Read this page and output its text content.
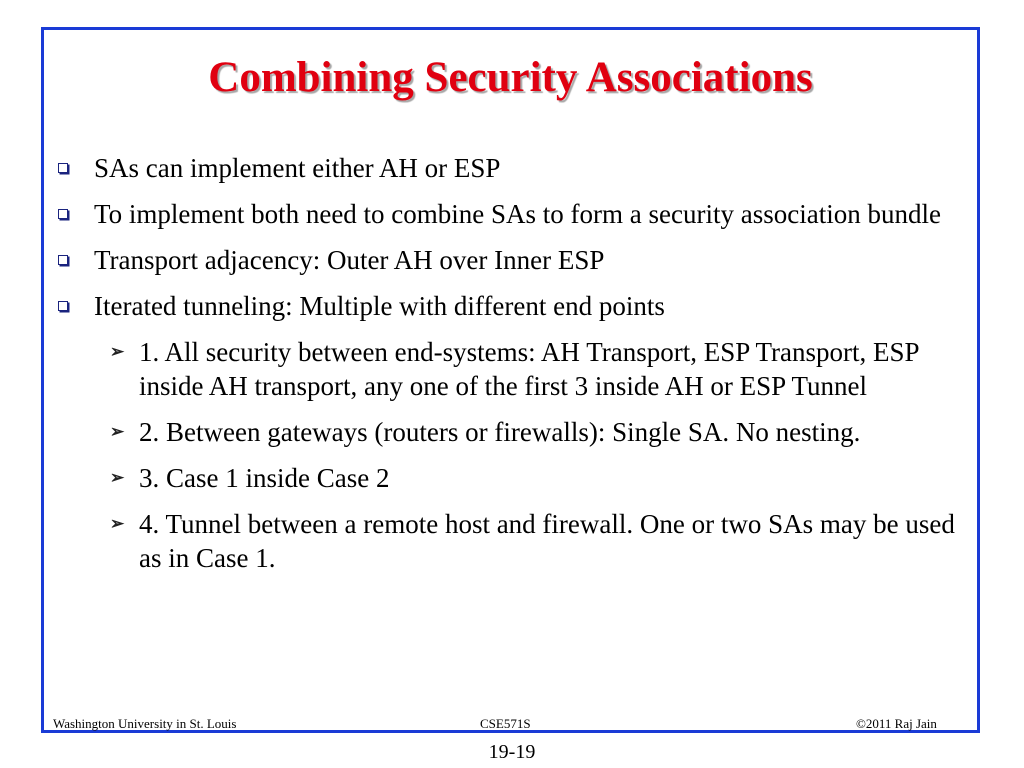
Combining Security Associations
SAs can implement either AH or ESP
To implement both need to combine SAs to form a security association bundle
Transport adjacency: Outer AH over Inner ESP
Iterated tunneling: Multiple with different end points
➢ 1. All security between end-systems: AH Transport, ESP Transport, ESP inside AH transport, any one of the first 3 inside AH or ESP Tunnel
➢ 2. Between gateways (routers or firewalls): Single SA. No nesting.
➢ 3. Case 1 inside Case 2
➢ 4. Tunnel between a remote host and firewall. One or two SAs may be used as in Case 1.
Washington University in St. Louis	CSE571S	©2011 Raj Jain
19-19
